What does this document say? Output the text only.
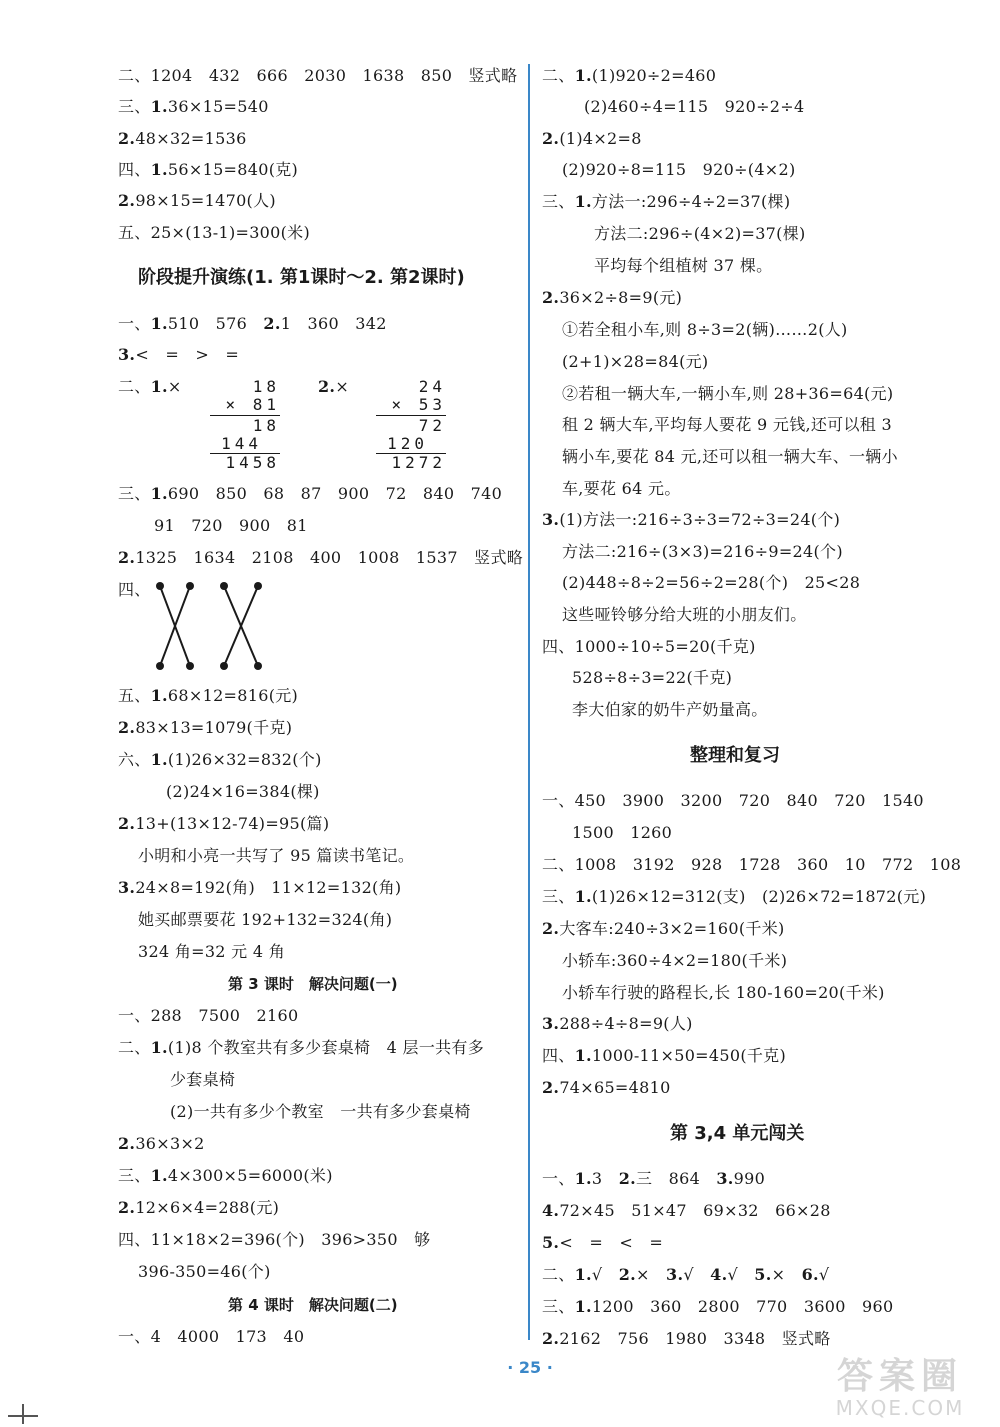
二、1204　432　666　2030　1638　850　竖式略
三、1.36×15=540
2.48×32=1536
四、1.56×15=840(克)
2.98×15=1470(人)
五、25×(13-1)=300(米)
阶段提升演练(1. 第1课时～2. 第2课时)
一、1.510　576　2.1　360　342
3.<　=　>　=
二、1.×	18
× 81
18
144
1458
2.×	24
× 53
72
120
1272
三、1.690　850　68　87　900　72　840　740
91　720　900　81
2.1325　1634　2108　400　1008　1537　竖式略
四、
五、1.68×12=816(元)
2.83×13=1079(千克)
六、1.(1)26×32=832(个)
(2)24×16=384(棵)
2.13+(13×12-74)=95(篇)
小明和小亮一共写了 95 篇读书笔记。
3.24×8=192(角)　11×12=132(角)
她买邮票要花 192+132=324(角)
324 角=32 元 4 角
第 3 课时　解决问题(一)
一、288　7500　2160
二、1.(1)8 个教室共有多少套桌椅　4 层一共有多
少套桌椅
(2)一共有多少个教室　一共有多少套桌椅
2.36×3×2
三、1.4×300×5=6000(米)
2.12×6×4=288(元)
四、11×18×2=396(个)　396>350　够
396-350=46(个)
第 4 课时　解决问题(二)
一、4　4000　173　40
二、1.(1)920÷2=460
(2)460÷4=115　920÷2÷4
2.(1)4×2=8
(2)920÷8=115　920÷(4×2)
三、1.方法一:296÷4÷2=37(棵)
方法二:296÷(4×2)=37(棵)
平均每个组植树 37 棵。
2.36×2÷8=9(元)
①若全租小车,则 8÷3=2(辆)……2(人)
(2+1)×28=84(元)
②若租一辆大车,一辆小车,则 28+36=64(元)
租 2 辆大车,平均每人要花 9 元钱,还可以租 3
辆小车,要花 84 元,还可以租一辆大车、一辆小
车,要花 64 元。
3.(1)方法一:216÷3÷3=72÷3=24(个)
方法二:216÷(3×3)=216÷9=24(个)
(2)448÷8÷2=56÷2=28(个)　25<28
这些哑铃够分给大班的小朋友们。
四、1000÷10÷5=20(千克)
528÷8÷3=22(千克)
李大伯家的奶牛产奶量高。
整理和复习
一、450　3900　3200　720　840　720　1540
1500　1260
二、1008　3192　928　1728　360　10　772　108
三、1.(1)26×12=312(支)　(2)26×72=1872(元)
2.大客车:240÷3×2=160(千米)
小轿车:360÷4×2=180(千米)
小轿车行驶的路程长,长 180-160=20(千米)
3.288÷4÷8=9(人)
四、1.1000-11×50=450(千克)
2.74×65=4810
第 3,4 单元闯关
一、1.3　2.三　864　3.990
4.72×45　51×47　69×32　66×28
5.<　=　<　=
二、1.√　2.×　3.√　4.√　5.×　6.√
三、1.1200　360　2800　770　3600　960
2.2162　756　1980　3348　竖式略
· 25 ·	答案圈
MXQE.COM
